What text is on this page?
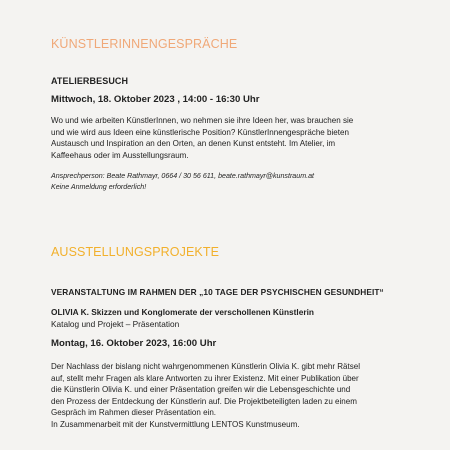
KÜNSTLERINNENGESPRÄCHE
ATELIERBESUCH
Mittwoch, 18. Oktober 2023 , 14:00 - 16:30 Uhr
Wo und wie arbeiten KünstlerInnen, wo nehmen sie ihre Ideen her, was brauchen sie
und wie wird aus Ideen eine künstlerische Position? KünstlerInnengespräche bieten
Austausch und Inspiration an den Orten, an denen Kunst entsteht. Im Atelier, im
Kaffeehaus oder im Ausstellungsraum.
Ansprechperson: Beate Rathmayr, 0664 / 30 56 611, beate.rathmayr@kunstraum.at
Keine Anmeldung erforderlich!
AUSSTELLUNGSPROJEKTE
VERANSTALTUNG IM RAHMEN DER „10 TAGE DER PSYCHISCHEN GESUNDHEIT“
OLIVIA K. Skizzen und Konglomerate der verschollenen Künstlerin
Katalog und Projekt – Präsentation
Montag, 16. Oktober 2023, 16:00 Uhr
Der Nachlass der bislang nicht wahrgenommenen Künstlerin Olivia K. gibt mehr Rätsel
auf, stellt mehr Fragen als klare Antworten zu ihrer Existenz. Mit einer Publikation über
die Künstlerin Olivia K. und einer Präsentation greifen wir die Lebensgeschichte und
den Prozess der Entdeckung der Künstlerin auf. Die Projektbeteiligten laden zu einem
Gespräch im Rahmen dieser Präsentation ein.
In Zusammenarbeit mit der Kunstvermittlung LENTOS Kunstmuseum.
